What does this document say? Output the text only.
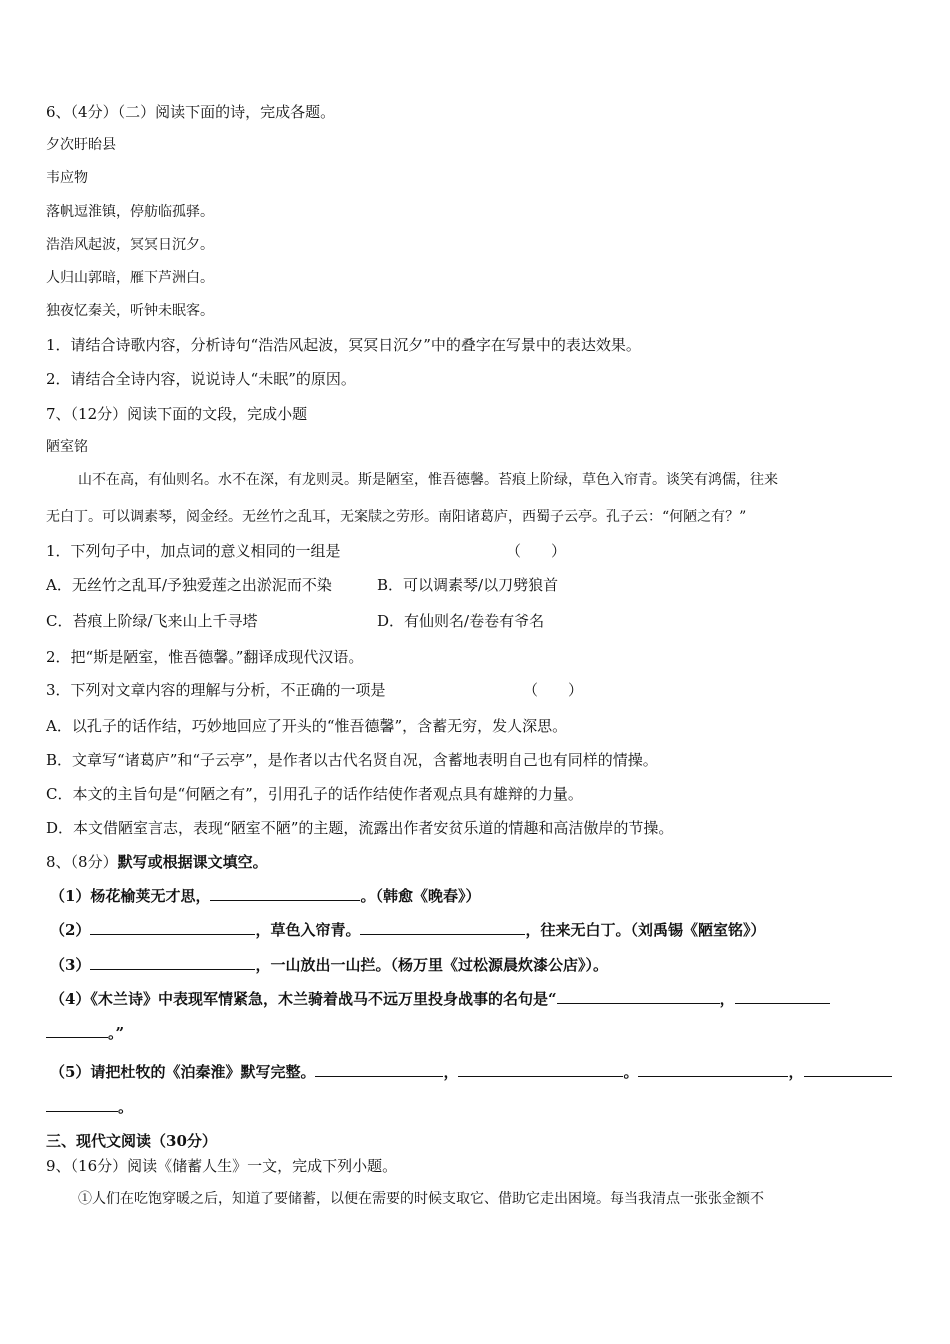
6、（4分）（二）阅读下面的诗，完成各题。
夕次盱眙县
韦应物
落帆逗淮镇，停舫临孤驿。
浩浩风起波，冥冥日沉夕。
人归山郭暗，雁下芦洲白。
独夜忆秦关，听钟未眠客。
1．请结合诗歌内容，分析诗句“浩浩风起波，冥冥日沉夕”中的叠字在写景中的表达效果。
2．请结合全诗内容，说说诗人“未眠”的原因。
7、（12分）阅读下面的文段，完成小题
陋室铭
山不在高，有仙则名。水不在深，有龙则灵。斯是陋室，惟吾德馨。苔痕上阶绿，草色入帘青。谈笑有鸿儒，往来
无白丁。可以调素琴，阅金经。无丝竹之乱耳，无案牍之劳形。南阳诸葛庐，西蜀子云亭。孔子云：“何陋之有？”
1．下列句子中，加点词的意义相同的一组是	（　　）
A．无丝竹之乱耳/予独爱莲之出淤泥而不染	B．可以调素琴/以刀劈狼首
C．苔痕上阶绿/飞来山上千寻塔	D．有仙则名/卷卷有爷名
2．把“斯是陋室，惟吾德馨。”翻译成现代汉语。
3．下列对文章内容的理解与分析，不正确的一项是	（　　）
A．以孔子的话作结，巧妙地回应了开头的“惟吾德馨”，含蓄无穷，发人深思。
B．文章写“诸葛庐”和“子云亭”，是作者以古代名贤自况，含蓄地表明自己也有同样的情操。
C．本文的主旨句是“何陋之有”，引用孔子的话作结使作者观点具有雄辩的力量。
D．本文借陋室言志，表现“陋室不陋”的主题，流露出作者安贫乐道的情趣和高洁傲岸的节操。
8、（8分）默写或根据课文填空。
（1）杨花榆荚无才思，	。（韩愈《晚春》）
（2）	，草色入帘青。	，往来无白丁。（刘禹锡《陋室铭》）
（3）	，一山放出一山拦。（杨万里《过松源晨炊漆公店》）。
（4）《木兰诗》中表现军情紧急，木兰骑着战马不远万里投身战事的名句是“	，
。”
（5）请把杜牧的《泊秦淮》默写完整。	，	。	，
。
三、现代文阅读（30分）
9、（16分）阅读《储蓄人生》一文，完成下列小题。
①人们在吃饱穿暖之后，知道了要储蓄，以便在需要的时候支取它、借助它走出困境。每当我清点一张张金额不
